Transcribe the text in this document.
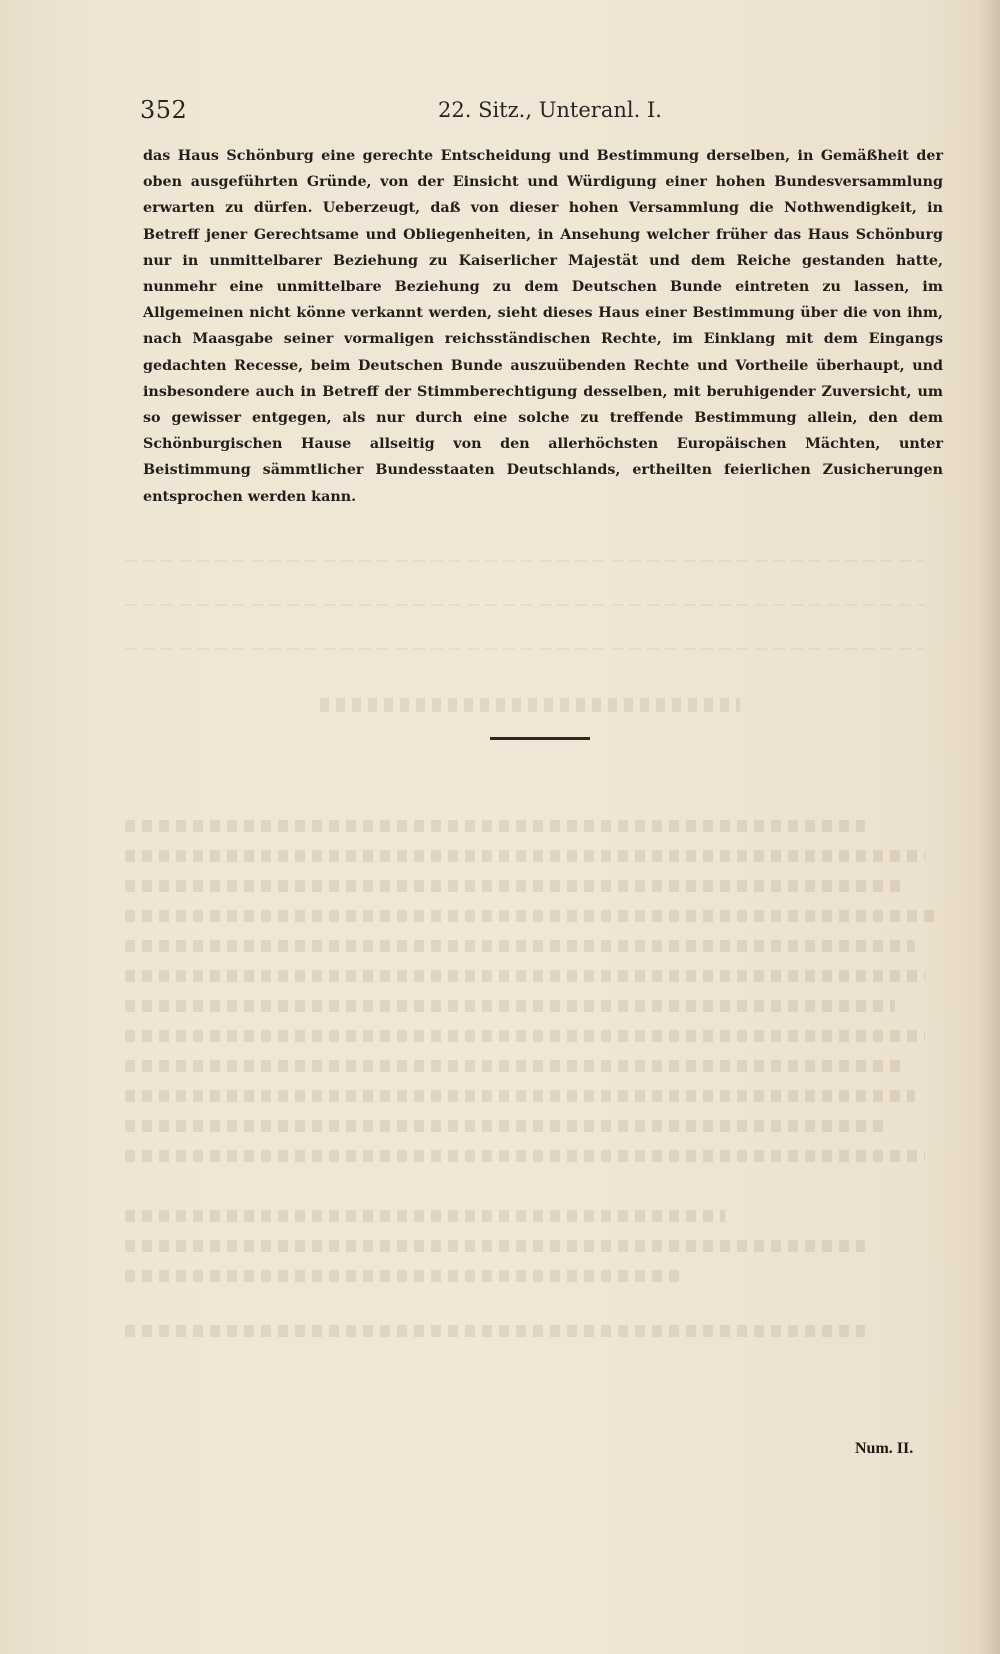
352	22. Sitz., Unteranl. I.

das Haus Schönburg eine gerechte Entscheidung und Bestimmung derselben, in Gemäßheit der oben ausgeführten Gründe, von der Einsicht und Würdigung einer hohen Bundesversammlung erwarten zu dürfen. Ueberzeugt, daß von dieser hohen Versammlung die Nothwendigkeit, in Betreff jener Gerechtsame und Obliegenheiten, in Ansehung welcher früher das Haus Schönburg nur in unmittelbarer Beziehung zu Kaiserlicher Majestät und dem Reiche gestanden hatte, nunmehr eine unmittelbare Beziehung zu dem Deutschen Bunde eintreten zu lassen, im Allgemeinen nicht könne verkannt werden, sieht dieses Haus einer Bestimmung über die von ihm, nach Maasgabe seiner vormaligen reichsständischen Rechte, im Einklang mit dem Eingangs gedachten Recesse, beim Deutschen Bunde auszuübenden Rechte und Vortheile überhaupt, und insbesondere auch in Betreff der Stimmberechtigung desselben, mit beruhigender Zuversicht, um so gewisser entgegen, als nur durch eine solche zu treffende Bestimmung allein, den dem Schönburgischen Hause allseitig von den allerhöchsten Europäischen Mächten, unter Beistimmung sämmtlicher Bundesstaaten Deutschlands, ertheilten feierlichen Zusicherungen entsprochen werden kann.

Num. II.
